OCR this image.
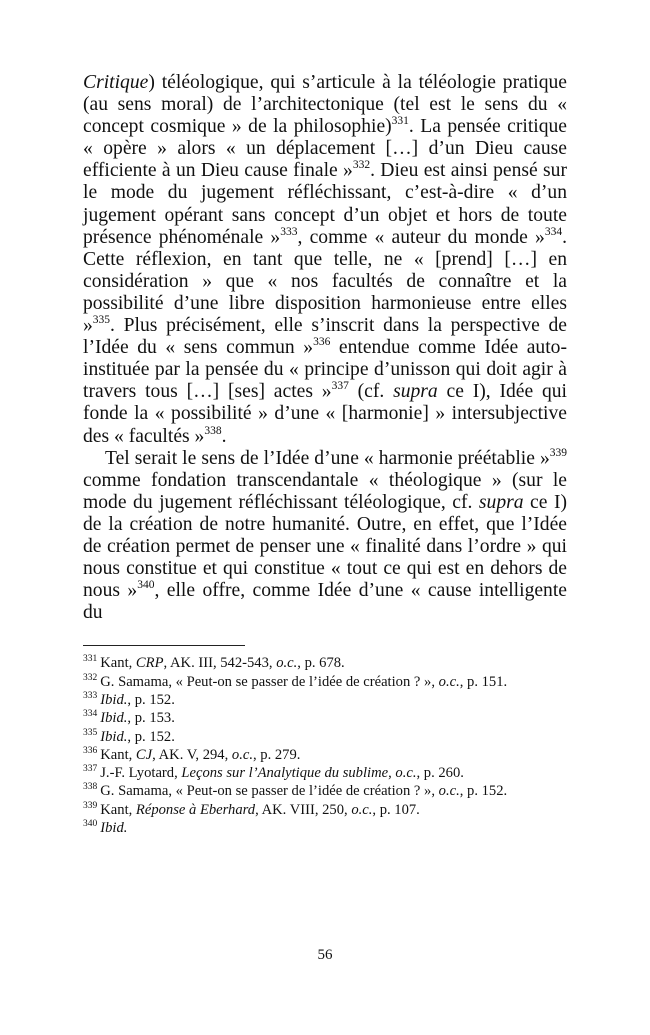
Critique) téléologique, qui s’articule à la téléologie pratique (au sens moral) de l’architectonique (tel est le sens du « concept cosmique » de la philosophie)$^{331}$. La pensée critique « opère » alors « un déplacement […] d’un Dieu cause efficiente à un Dieu cause finale »$^{332}$. Dieu est ainsi pensé sur le mode du jugement réfléchissant, c’est-à-dire « d’un jugement opérant sans concept d’un objet et hors de toute présence phénoménale »$^{333}$, comme « auteur du monde »$^{334}$. Cette réflexion, en tant que telle, ne « [prend] […] en considération » que « nos facultés de connaître et la possibilité d’une libre disposition harmonieuse entre elles »$^{335}$. Plus précisément, elle s’inscrit dans la perspective de l’Idée du « sens commun »$^{336}$ entendue comme Idée auto-instituée par la pensée du « principe d’unisson qui doit agir à travers tous […] [ses] actes »$^{337}$ (cf. supra ce I), Idée qui fonde la « possibilité » d’une « [harmonie] » intersubjective des « facultés »$^{338}$.

Tel serait le sens de l’Idée d’une « harmonie préétablie »$^{339}$ comme fondation transcendantale « théologique » (sur le mode du jugement réfléchissant téléologique, cf. supra ce I) de la création de notre humanité. Outre, en effet, que l’Idée de création permet de penser une « finalité dans l’ordre » qui nous constitue et qui constitue « tout ce qui est en dehors de nous »$^{340}$, elle offre, comme Idée d’une « cause intelligente du

$^{331}$ Kant, CRP, AK. III, 542-543, o.c., p. 678.

$^{332}$ G. Samama, « Peut-on se passer de l’idée de création ? », o.c., p. 151.

$^{333}$ Ibid., p. 152.

$^{334}$ Ibid., p. 153.

$^{335}$ Ibid., p. 152.

$^{336}$ Kant, CJ, AK. V, 294, o.c., p. 279.

$^{337}$ J.-F. Lyotard, Leçons sur l’Analytique du sublime, o.c., p. 260.

$^{338}$ G. Samama, « Peut-on se passer de l’idée de création ? », o.c., p. 152.

$^{339}$ Kant, Réponse à Eberhard, AK. VIII, 250, o.c., p. 107.

$^{340}$ Ibid.

56
